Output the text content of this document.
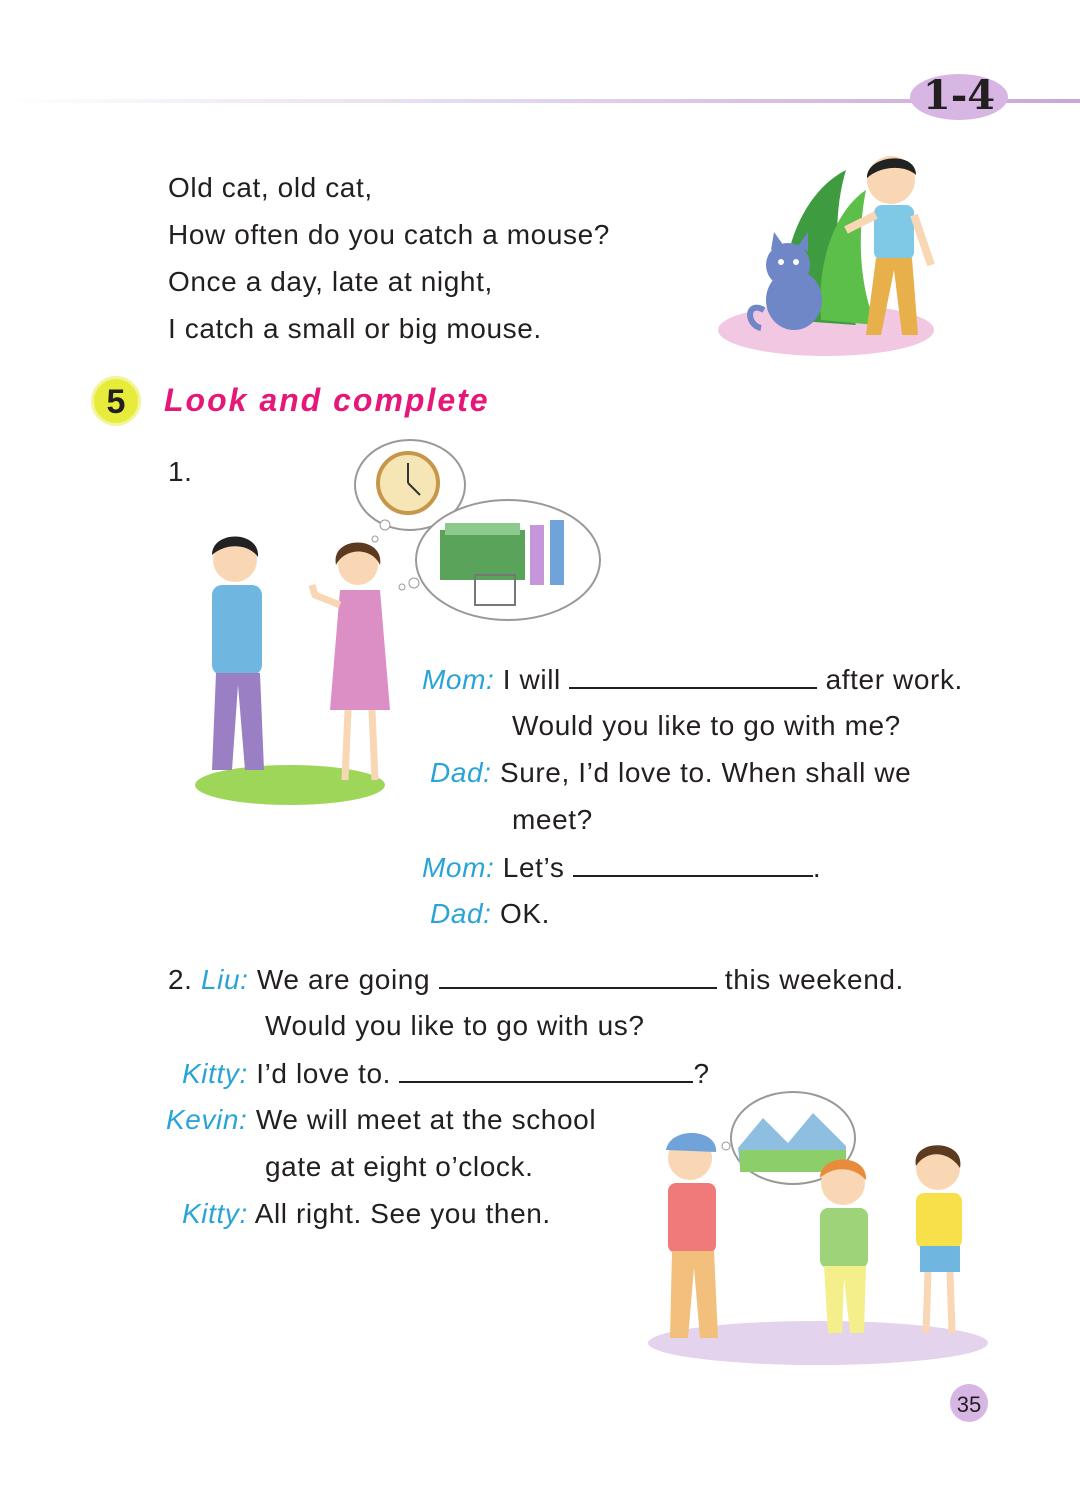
1-4
Old cat, old cat,
How often do you catch a mouse?
Once a day, late at night,
I catch a small or big mouse.
5	Look and complete
1.
Mom: I will	after work.
Would you like to go with me?
Dad: Sure, I’d love to. When shall we
meet?
Mom: Let’s	.
Dad: OK.
2. Liu: We are going	this weekend.
Would you like to go with us?
Kitty: I’d love to.	?
Kevin: We will meet at the school
gate at eight o’clock.
Kitty: All right. See you then.
35
